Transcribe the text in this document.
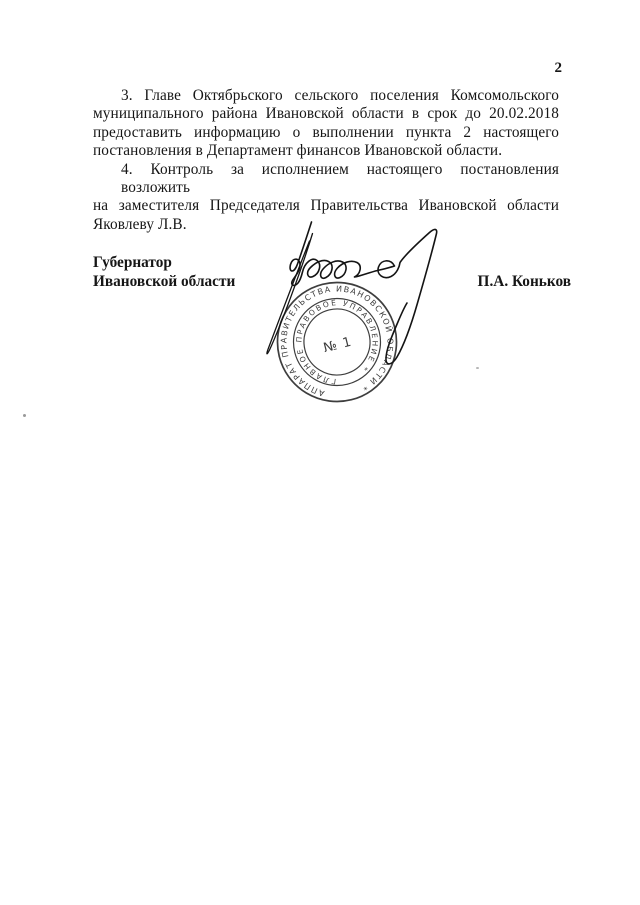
2
3. Главе Октябрьского сельского поселения Комсомольского
муниципального района Ивановской области в срок до 20.02.2018
предоставить информацию о выполнении пункта 2 настоящего
постановления в Департамент финансов Ивановской области.
4. Контроль за исполнением настоящего постановления возложить
на заместителя Председателя Правительства Ивановской области
Яковлеву Л.В.
Губернатор
Ивановской области	П.А. Коньков
АППАРАТ ПРАВИТЕЛЬСТВА ИВАНОВСКОЙ ОБЛАСТИ *
ГЛАВНОЕ ПРАВОВОЕ УПРАВЛЕНИЕ *
№ 1
